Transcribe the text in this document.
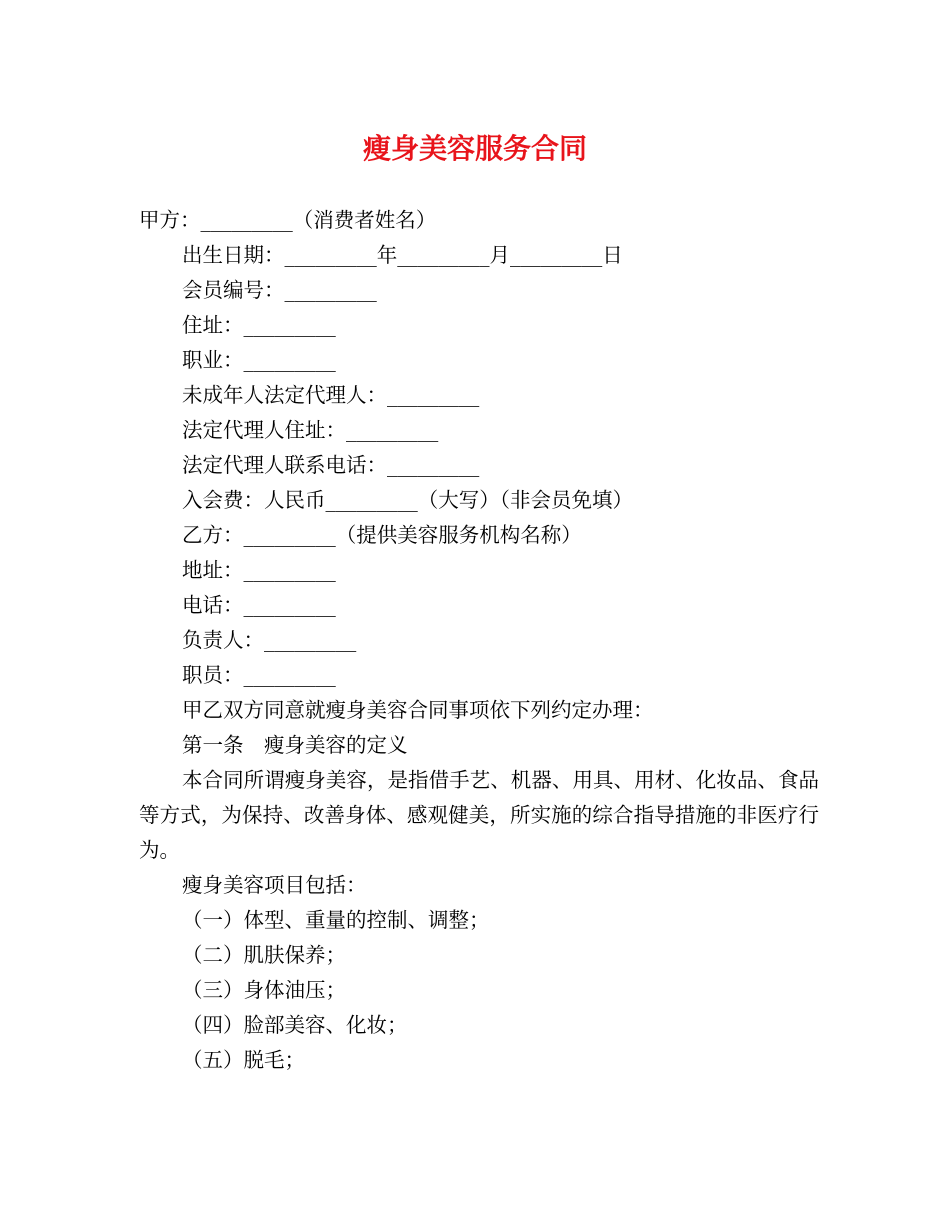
瘦身美容服务合同
甲方：_________（消费者姓名）
出生日期：_________年_________月_________日
会员编号：_________
住址：_________
职业：_________
未成年人法定代理人：_________
法定代理人住址：_________
法定代理人联系电话：_________
入会费：人民币_________（大写）（非会员免填）
乙方：_________（提供美容服务机构名称）
地址：_________
电话：_________
负责人：_________
职员：_________
甲乙双方同意就瘦身美容合同事项依下列约定办理：
第一条　瘦身美容的定义
本合同所谓瘦身美容，是指借手艺、机器、用具、用材、化妆品、食品等方式，为保持、改善身体、感观健美，所实施的综合指导措施的非医疗行为。
瘦身美容项目包括：
（一）体型、重量的控制、调整；
（二）肌肤保养；
（三）身体油压；
（四）脸部美容、化妆；
（五）脱毛；
